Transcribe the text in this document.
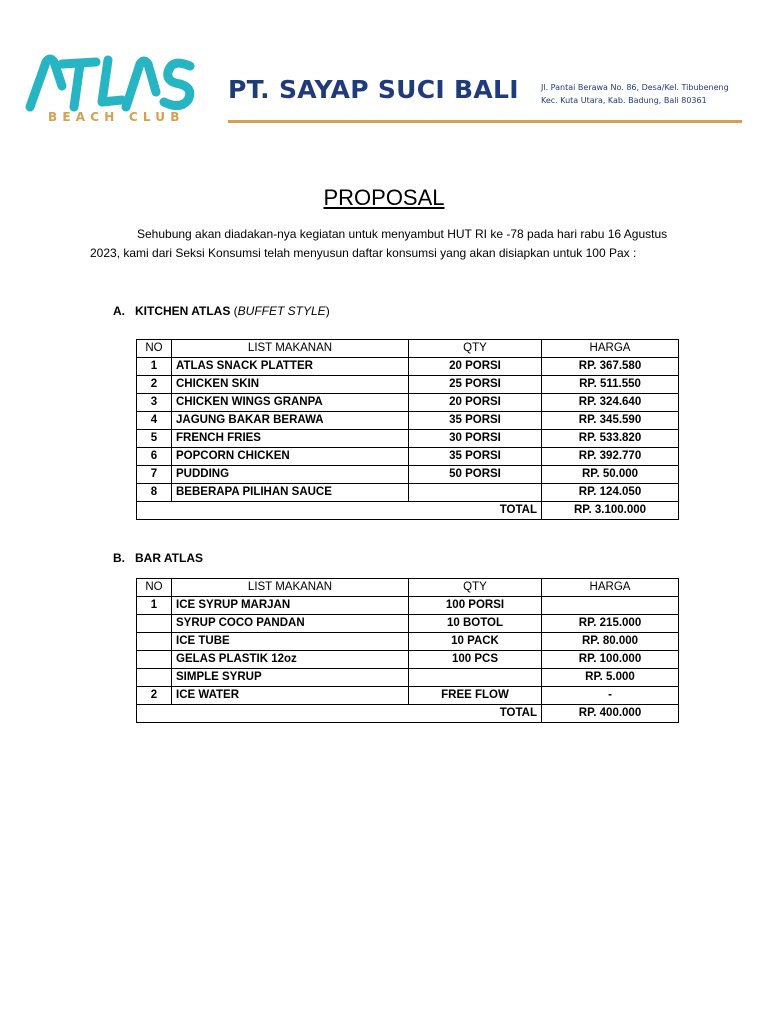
BEACH CLUB
PT. SAYAP SUCI BALI	Jl. Pantai Berawa No. 86, Desa/Kel. Tibubeneng
Kec. Kuta Utara, Kab. Badung, Bali 80361
PROPOSAL
Sehubung akan diadakan-nya kegiatan untuk menyambut HUT RI ke -78 pada hari rabu 16 Agustus 2023, kami dari Seksi Konsumsi telah menyusun daftar konsumsi yang akan disiapkan untuk 100 Pax :
A. KITCHEN ATLAS (BUFFET STYLE)
NO	LIST MAKANAN	QTY	HARGA
1	ATLAS SNACK PLATTER	20 PORSI	RP. 367.580
2	CHICKEN SKIN	25 PORSI	RP. 511.550
3	CHICKEN WINGS GRANPA	20 PORSI	RP. 324.640
4	JAGUNG BAKAR BERAWA	35 PORSI	RP. 345.590
5	FRENCH FRIES	30 PORSI	RP. 533.820
6	POPCORN CHICKEN	35 PORSI	RP. 392.770
7	PUDDING	50 PORSI	RP. 50.000
8	BEBERAPA PILIHAN SAUCE		RP. 124.050
TOTAL			RP. 3.100.000
B. BAR ATLAS
NO	LIST MAKANAN	QTY	HARGA
1	ICE SYRUP MARJAN	100 PORSI	
	SYRUP COCO PANDAN	10 BOTOL	RP. 215.000
	ICE TUBE	10 PACK	RP. 80.000
	GELAS PLASTIK 12oz	100 PCS	RP. 100.000
	SIMPLE SYRUP		RP. 5.000
2	ICE WATER	FREE FLOW	-
TOTAL			RP. 400.000
